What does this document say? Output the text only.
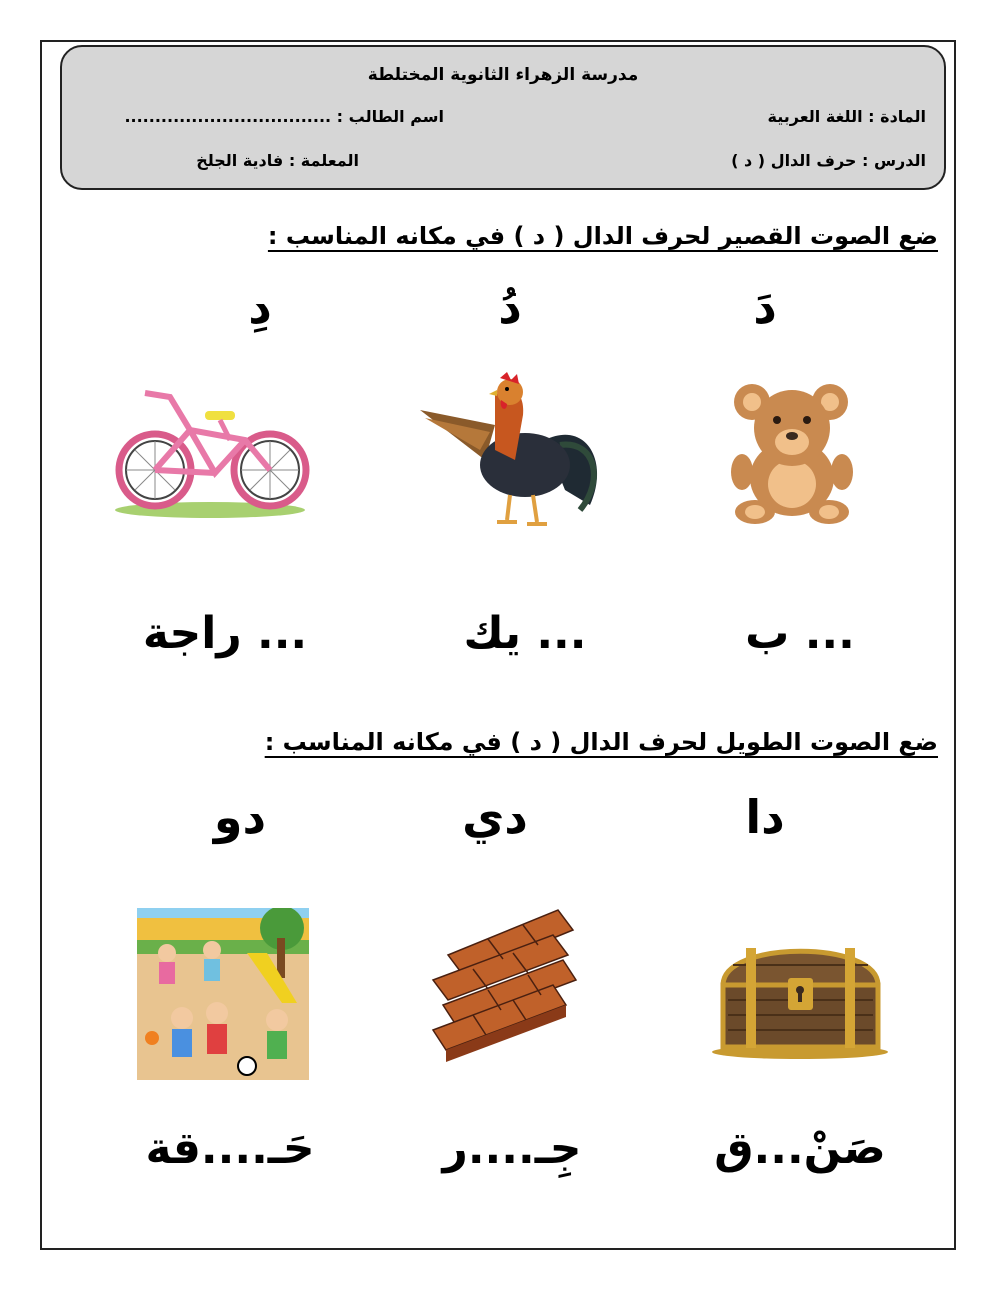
مدرسة الزهراء الثانوية المختلطة
المادة : اللغة العربية
اسم الطالب : ..................................
الدرس : حرف الدال ( د )
المعلمة : فادية الجلخ
ضع الصوت القصير لحرف الدال ( د ) في مكانه المناسب :
دَ
دُ
دِ
... ب
... يك
... راجة
ضع الصوت الطويل لحرف الدال ( د ) في مكانه المناسب :
دا
دي
دو
صَنْ...ق
جِـ....ر
حَـ....قة
